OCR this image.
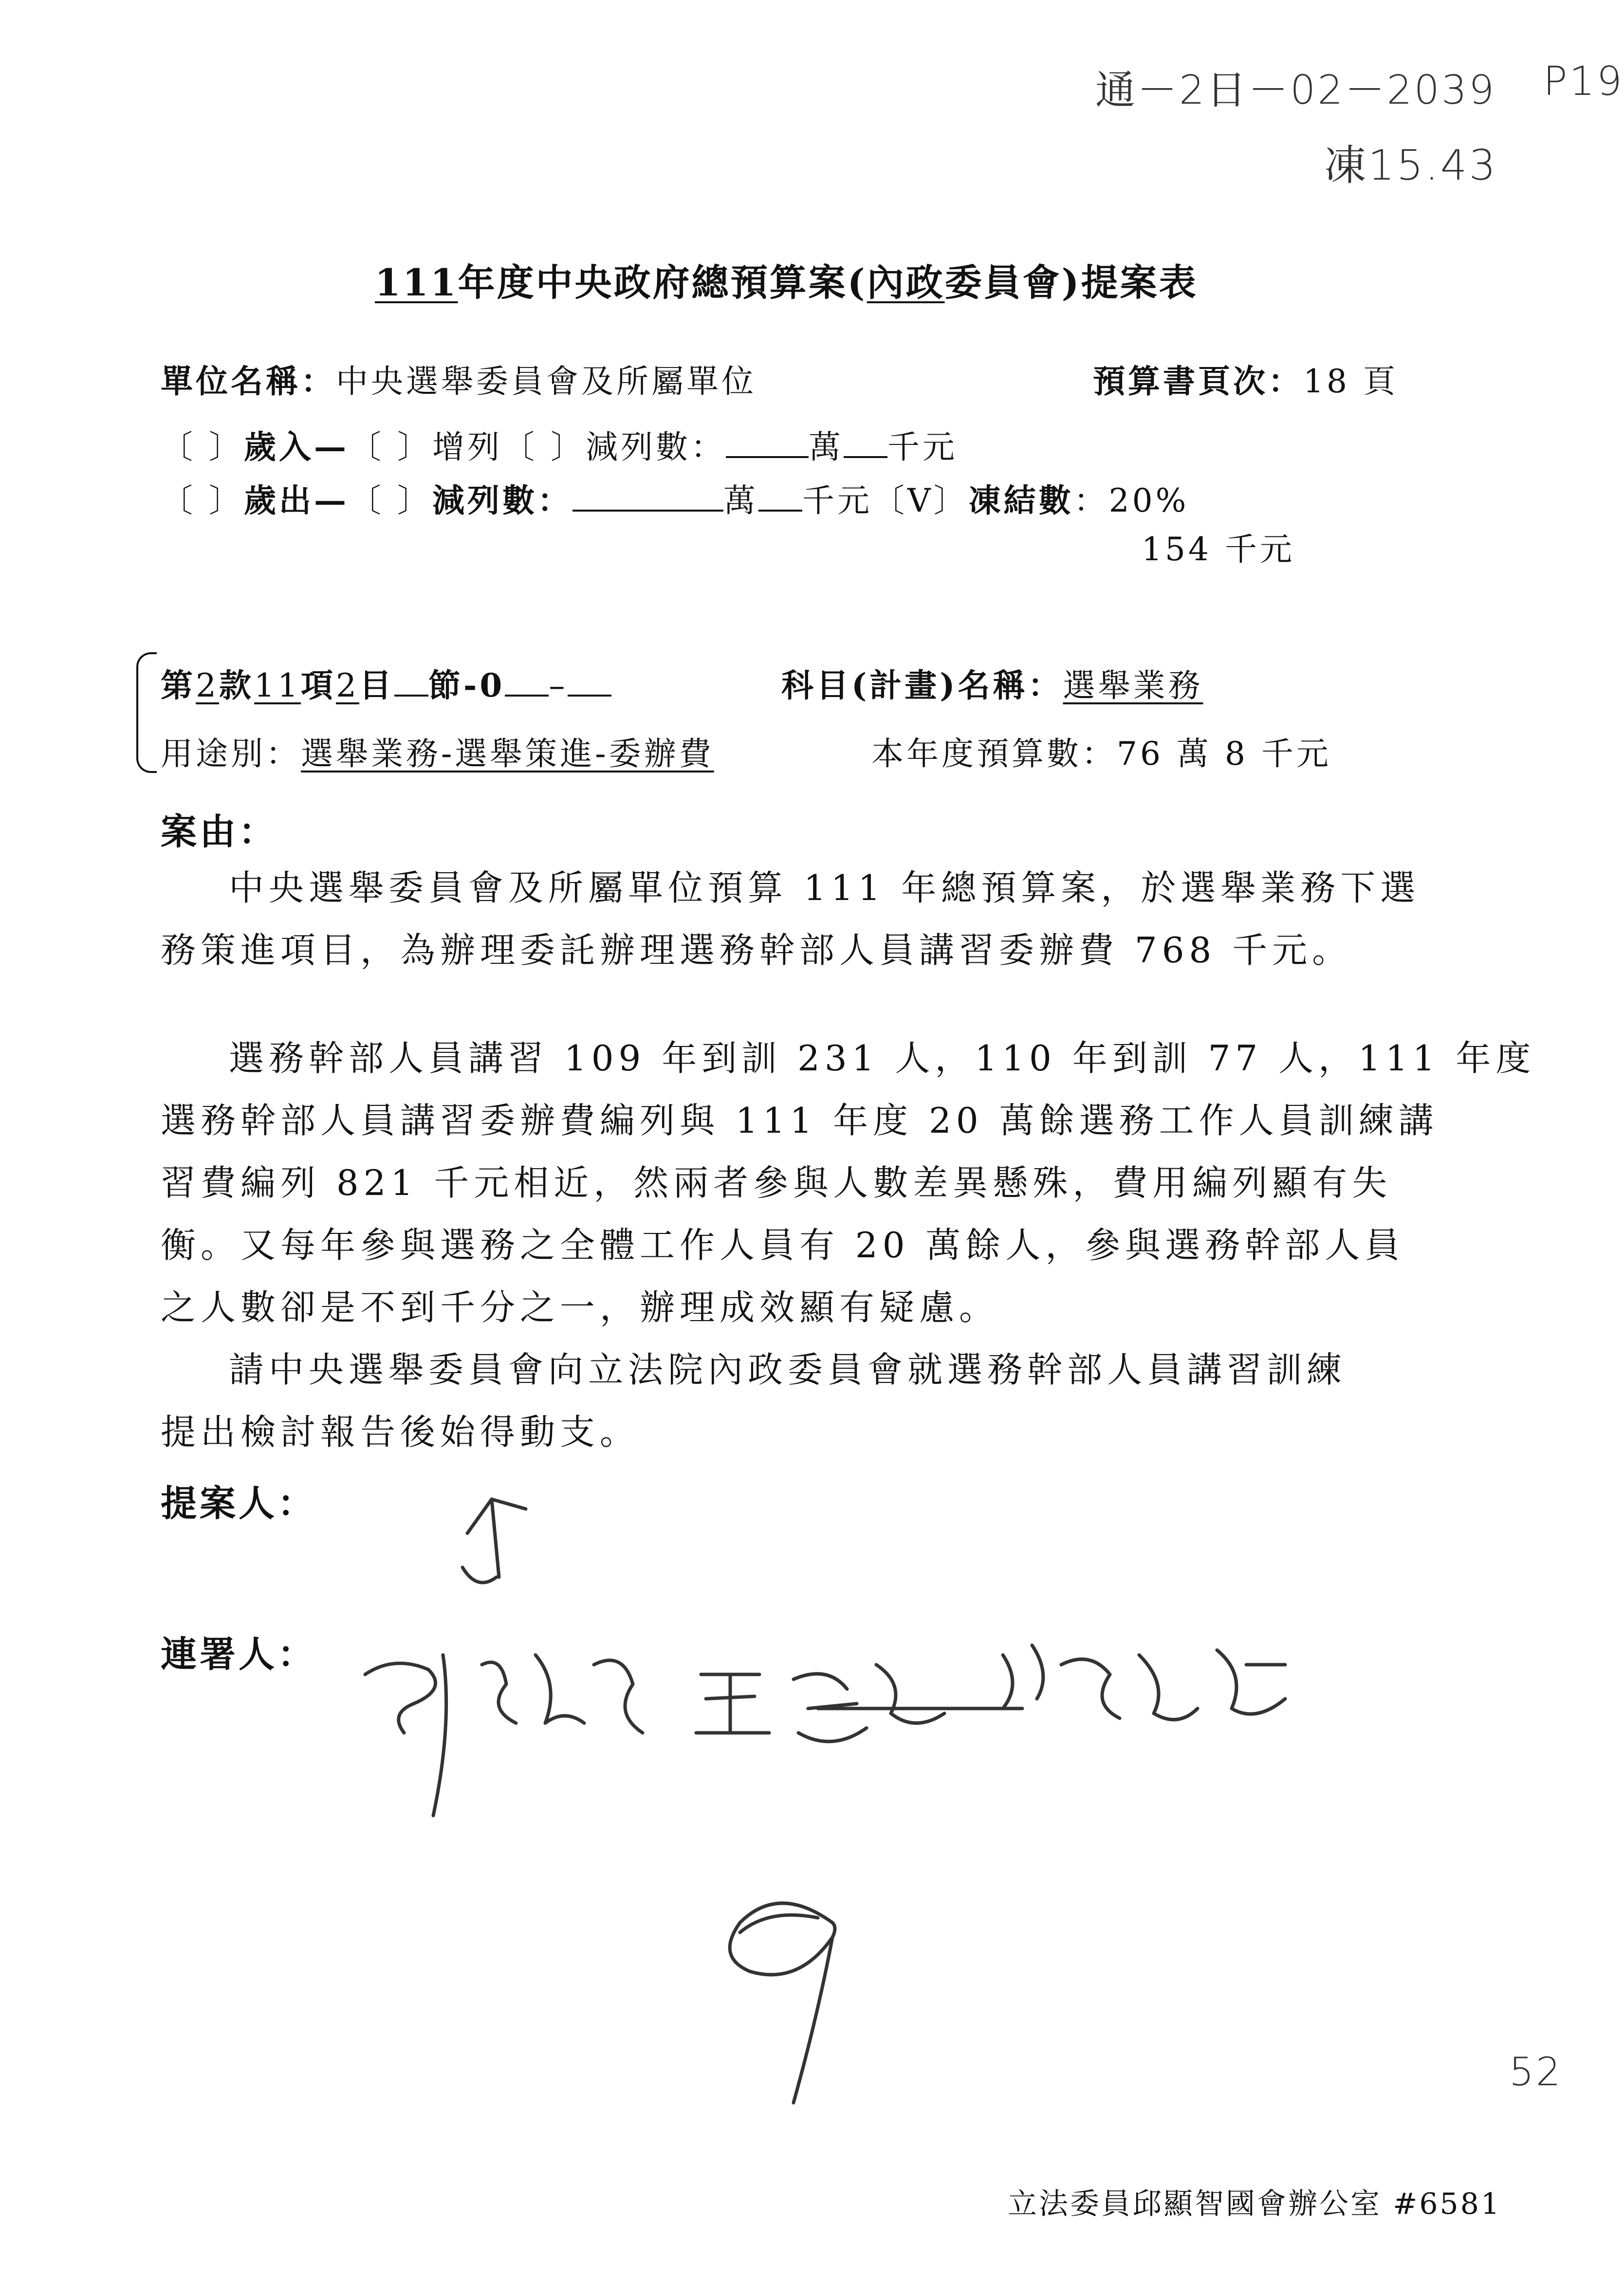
通－2日－02－2039 P19
凍15.43
111年度中央政府總預算案(內政委員會)提案表
單位名稱：中央選舉委員會及所屬單位	預算書頁次：18 頁
〔 〕歲入—〔 〕增列〔 〕減列數：	萬 千元
〔 〕歲出—〔 〕減列數：	萬 千元〔V〕凍結數：20%
154 千元
第2款11項2目 節-0 –	科目(計畫)名稱：選舉業務
用途別：選舉業務-選舉策進-委辦費	本年度預算數：76 萬 8 千元
案由：
中央選舉委員會及所屬單位預算 111 年總預算案，於選舉業務下選
務策進項目，為辦理委託辦理選務幹部人員講習委辦費 768 千元。
選務幹部人員講習 109 年到訓 231 人，110 年到訓 77 人，111 年度
選務幹部人員講習委辦費編列與 111 年度 20 萬餘選務工作人員訓練講
習費編列 821 千元相近，然兩者參與人數差異懸殊，費用編列顯有失
衡。又每年參與選務之全體工作人員有 20 萬餘人，參與選務幹部人員
之人數卻是不到千分之一，辦理成效顯有疑慮。
請中央選舉委員會向立法院內政委員會就選務幹部人員講習訓練
提出檢討報告後始得動支。
提案人：
連署人：
52
立法委員邱顯智國會辦公室 #6581
